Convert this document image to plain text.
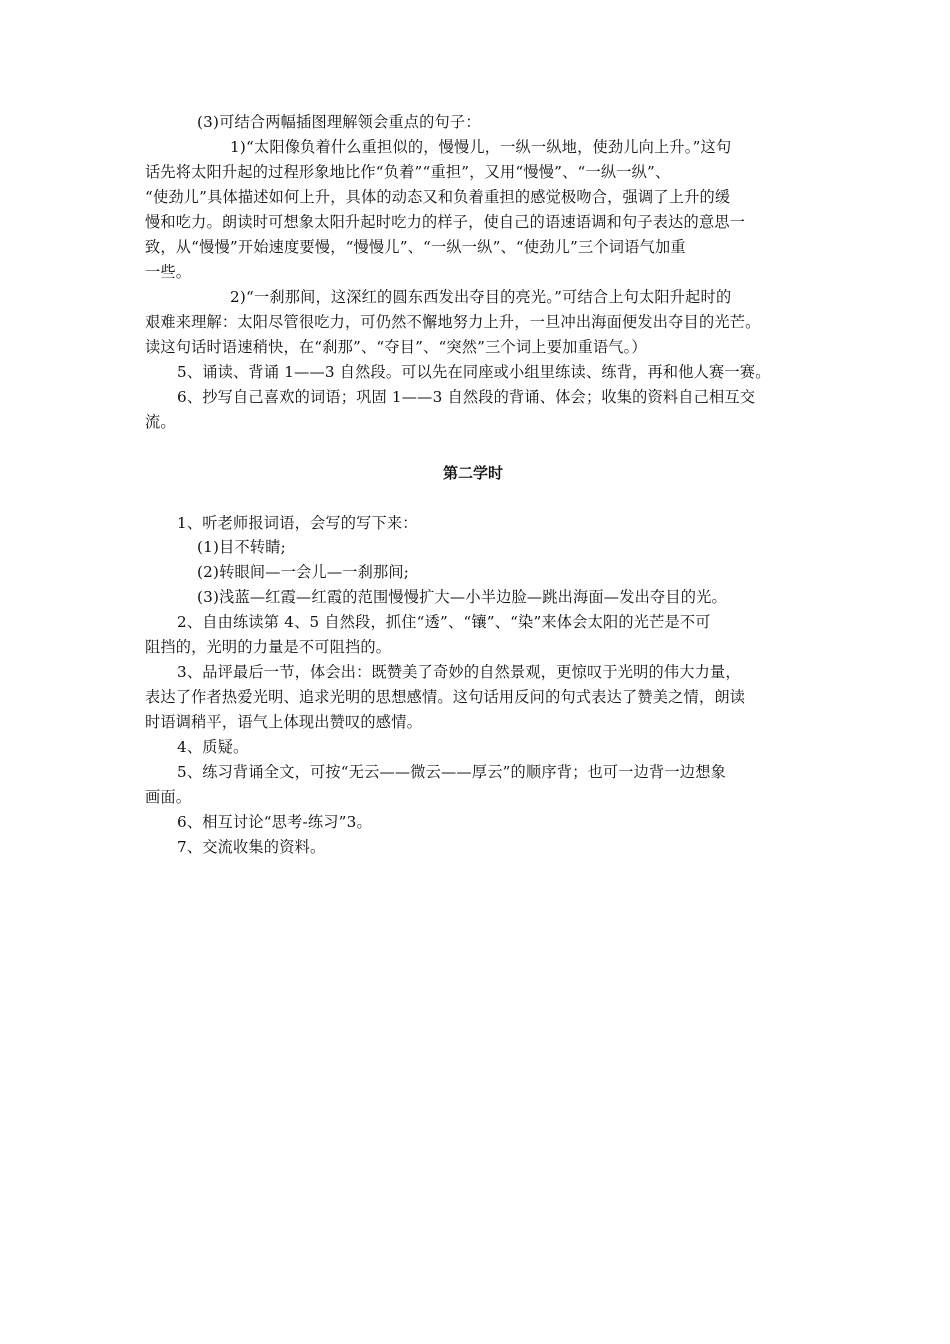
(3)可结合两幅插图理解领会重点的句子：
1)“太阳像负着什么重担似的，慢慢儿，一纵一纵地，使劲儿向上升。”这句
话先将太阳升起的过程形象地比作“负着”“重担”，又用“慢慢”、“一纵一纵”、
“使劲儿”具体描述如何上升，具体的动态又和负着重担的感觉极吻合，强调了上升的缓
慢和吃力。朗读时可想象太阳升起时吃力的样子，使自己的语速语调和句子表达的意思一
致，从“慢慢”开始速度要慢，“慢慢儿”、“一纵一纵”、“使劲儿”三个词语气加重
一些。
2)“一刹那间，这深红的圆东西发出夺目的亮光。”可结合上句太阳升起时的
艰难来理解：太阳尽管很吃力，可仍然不懈地努力上升，一旦冲出海面便发出夺目的光芒。
读这句话时语速稍快，在“刹那”、“夺目”、“突然”三个词上要加重语气。）
5、诵读、背诵 1——3 自然段。可以先在同座或小组里练读、练背，再和他人赛一赛。
6、抄写自己喜欢的词语；巩固 1——3 自然段的背诵、体会；收集的资料自己相互交
流。
第二学时
1、听老师报词语，会写的写下来：
(1)目不转睛;
(2)转眼间—一会儿—一刹那间;
(3)浅蓝—红霞—红霞的范围慢慢扩大—小半边脸—跳出海面—发出夺目的光。
2、自由练读第 4、5 自然段，抓住“透”、“镶”、“染”来体会太阳的光芒是不可
阻挡的，光明的力量是不可阻挡的。
3、品评最后一节，体会出：既赞美了奇妙的自然景观，更惊叹于光明的伟大力量，
表达了作者热爱光明、追求光明的思想感情。这句话用反问的句式表达了赞美之情，朗读
时语调稍平，语气上体现出赞叹的感情。
4、质疑。
5、练习背诵全文，可按“无云——微云——厚云”的顺序背；也可一边背一边想象
画面。
6、相互讨论“思考-练习”3。
7、交流收集的资料。
